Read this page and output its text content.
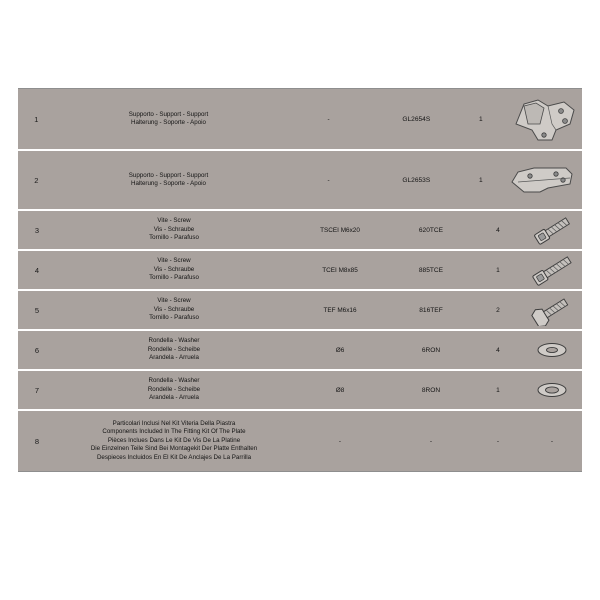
1
Supporto - Support - Support
Halterung - Soporte - Apoio	-	GL2654S	1
2
Supporto - Support - Support
Halterung - Soporte - Apoio	-	GL2653S	1
3
Vite - Screw
Vis - Schraube
Tornillo - Parafuso
TSCEI M6x20	620TCE	4
4
Vite - Screw
Vis - Schraube
Tornillo - Parafuso
TCEI M8x85	885TCE	1
5
Vite - Screw
Vis - Schraube
Tornillo - Parafuso
TEF M6x16	816TEF	2
6
Rondella - Washer
Rondelle - Scheibe
Arandela - Arruela
Ø6	6RON	4
7
Rondella - Washer
Rondelle - Scheibe
Arandela - Arruela
Ø8	8RON	1
8
Particolari Inclusi Nel Kit Viteria Della Piastra
Components Included In The Fitting Kit Of The Plate
Pièces Inclues Dans Le Kit De Vis De La Platine
Die Einzelnen Teile Sind Bei Montagekit Der Platte Enthalten
Despieces Incluidos En El Kit De Anclajes De La Parrilla
-	-	-	-
